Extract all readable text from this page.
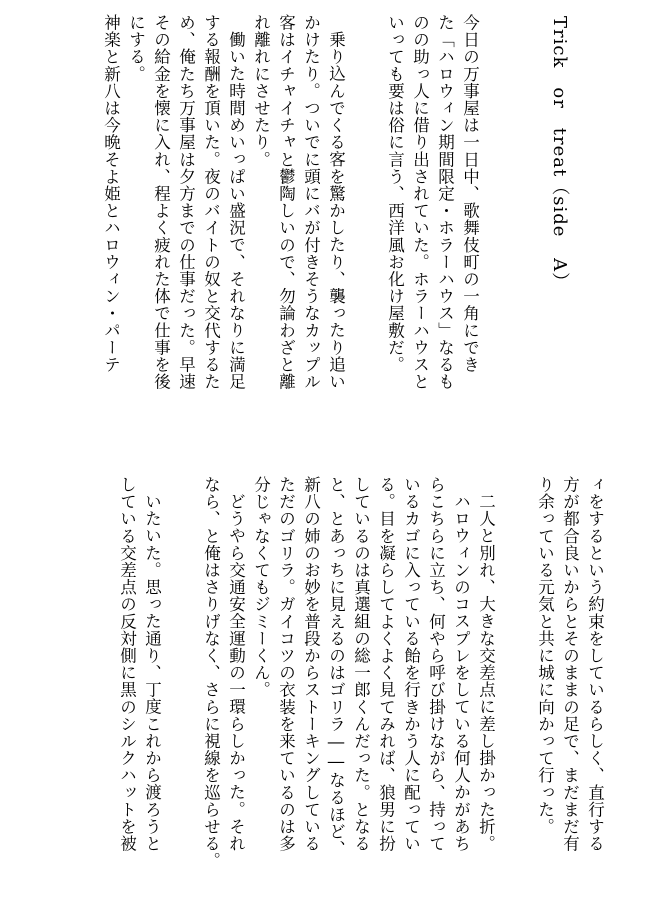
Trick　or　treat（side A）
今日の万事屋は一日中、歌舞伎町の一角にでき
た「ハロウィン期間限定・ホラーハウス」なるも
のの助っ人に借り出されていた。ホラーハウスと
いっても要は俗に言う、西洋風お化け屋敷だ。
乗り込んでくる客を驚かしたり、襲ったり追い
かけたり。ついでに頭にバが付きそうなカップル
客はイチャイチャと鬱陶しいので、勿論わざと離
れ離れにさせたり。
働いた時間めいっぱい盛況で、それなりに満足
する報酬を頂いた。夜のバイトの奴と交代するた
め、俺たち万事屋は夕方までの仕事だった。早速
その給金を懐に入れ、程よく疲れた体で仕事を後
にする。
神楽と新八は今晩そよ姫とハロウィン・パーテ
ィをするという約束をしているらしく、直行する
方が都合良いからとそのままの足で、まだまだ有
り余っている元気と共に城に向かって行った。
二人と別れ、大きな交差点に差し掛かった折。
ハロウィンのコスプレをしている何人かがあち
らこちらに立ち、何やら呼び掛けながら、持って
いるカゴに入っている飴を行きかう人に配ってい
る。目を凝らしてよくよく見てみれば、狼男に扮
しているのは真選組の総一郎くんだった。となる
と、とあっちに見えるのはゴリラ――なるほど、
新八の姉のお妙を普段からストーキングしている
ただのゴリラ。ガイコツの衣装を来ているのは多
分じゃなくてもジミーくん。
どうやら交通安全運動の一環らしかった。それ
なら、と俺はさりげなく、さらに視線を巡らせる。
いたいた。思った通り、丁度これから渡ろうと
している交差点の反対側に黒のシルクハットを被
